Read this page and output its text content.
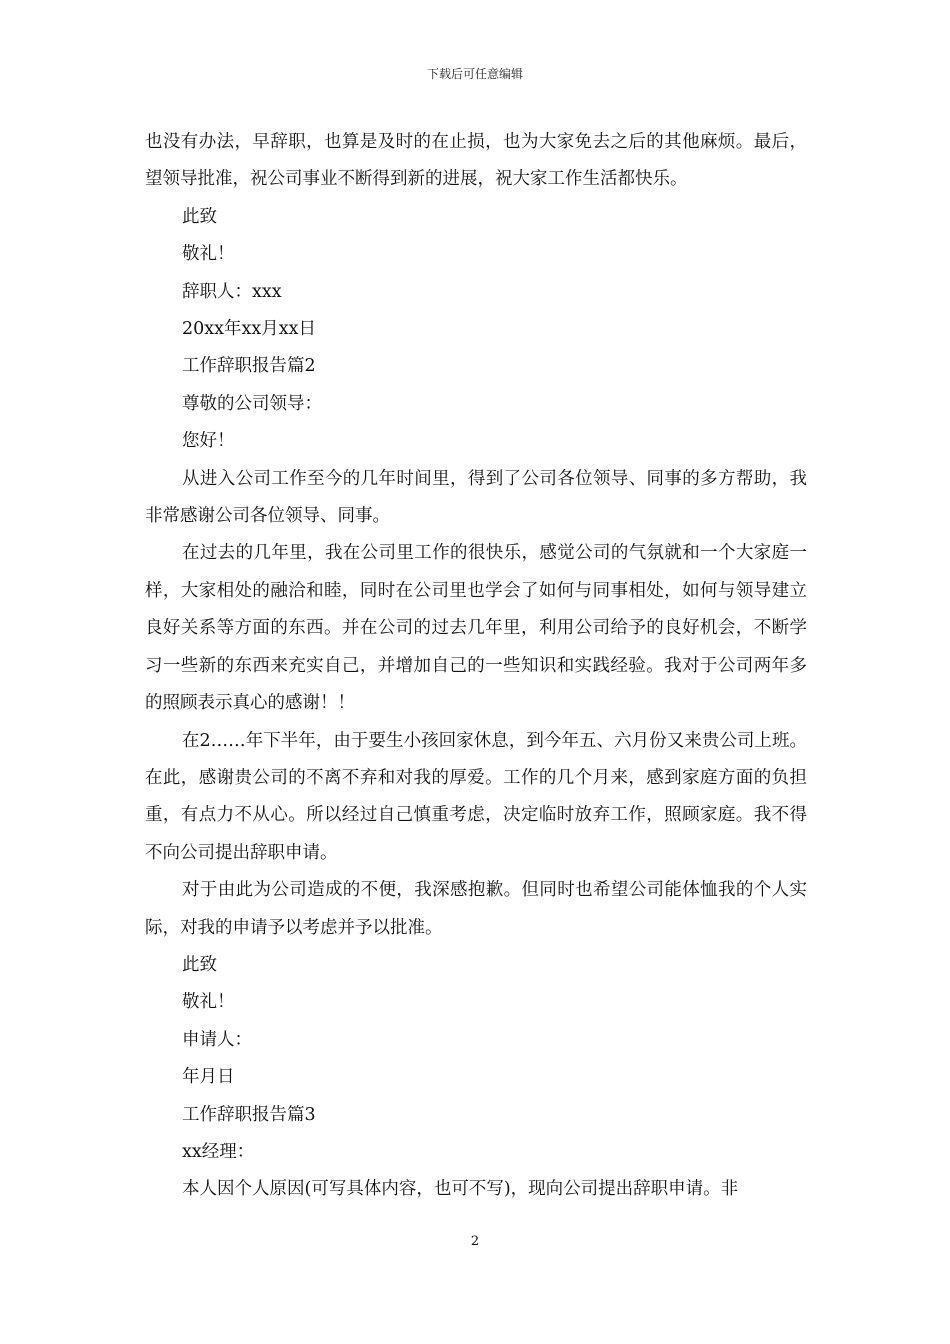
下载后可任意编辑

也没有办法，早辞职，也算是及时的在止损，也为大家免去之后的其他麻烦。最后，望领导批准，祝公司事业不断得到新的进展，祝大家工作生活都快乐。

此致

敬礼！

辞职人：xxx

20xx年xx月xx日

工作辞职报告篇2

尊敬的公司领导：

您好！

从进入公司工作至今的几年时间里，得到了公司各位领导、同事的多方帮助，我非常感谢公司各位领导、同事。

在过去的几年里，我在公司里工作的很快乐，感觉公司的气氛就和一个大家庭一样，大家相处的融洽和睦，同时在公司里也学会了如何与同事相处，如何与领导建立良好关系等方面的东西。并在公司的过去几年里，利用公司给予的良好机会，不断学习一些新的东西来充实自己，并增加自己的一些知识和实践经验。我对于公司两年多的照顾表示真心的感谢！！

在2……年下半年，由于要生小孩回家休息，到今年五、六月份又来贵公司上班。在此，感谢贵公司的不离不弃和对我的厚爱。工作的几个月来，感到家庭方面的负担重，有点力不从心。所以经过自己慎重考虑，决定临时放弃工作，照顾家庭。我不得不向公司提出辞职申请。

对于由此为公司造成的不便，我深感抱歉。但同时也希望公司能体恤我的个人实际，对我的申请予以考虑并予以批准。

此致

敬礼！

申请人：

年月日

工作辞职报告篇3

xx经理：

本人因个人原因(可写具体内容，也可不写)，现向公司提出辞职申请。非

2
